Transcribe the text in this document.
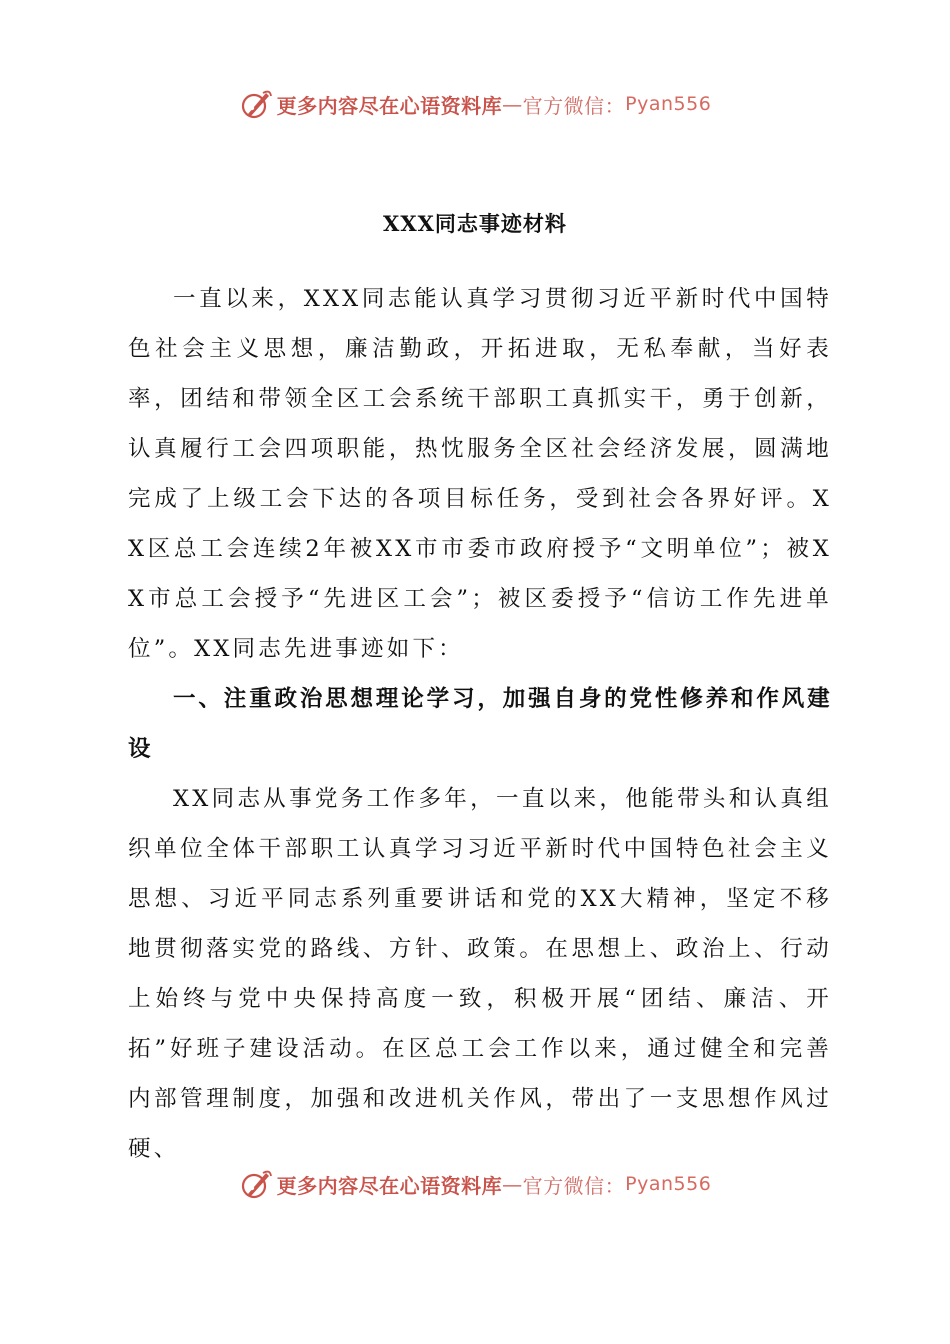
更多内容尽在心语资料库 — 官方微信： Pyan556
XXX同志事迹材料

一直以来，XXX同志能认真学习贯彻习近平新时代中国特色社会主义思想，廉洁勤政，开拓进取，无私奉献，当好表率，团结和带领全区工会系统干部职工真抓实干，勇于创新，认真履行工会四项职能，热忱服务全区社会经济发展，圆满地完成了上级工会下达的各项目标任务，受到社会各界好评。XX区总工会连续2年被XX市市委市政府授予“文明单位”；被XX市总工会授予“先进区工会”；被区委授予“信访工作先进单位”。XX同志先进事迹如下：

一、注重政治思想理论学习，加强自身的党性修养和作风建设

XX同志从事党务工作多年，一直以来，他能带头和认真组织单位全体干部职工认真学习习近平新时代中国特色社会主义思想、习近平同志系列重要讲话和党的XX大精神，坚定不移地贯彻落实党的路线、方针、政策。在思想上、政治上、行动上始终与党中央保持高度一致，积极开展“团结、廉洁、开拓”好班子建设活动。在区总工会工作以来，通过健全和完善内部管理制度，加强和改进机关作风，带出了一支思想作风过硬、

更多内容尽在心语资料库 — 官方微信： Pyan556
